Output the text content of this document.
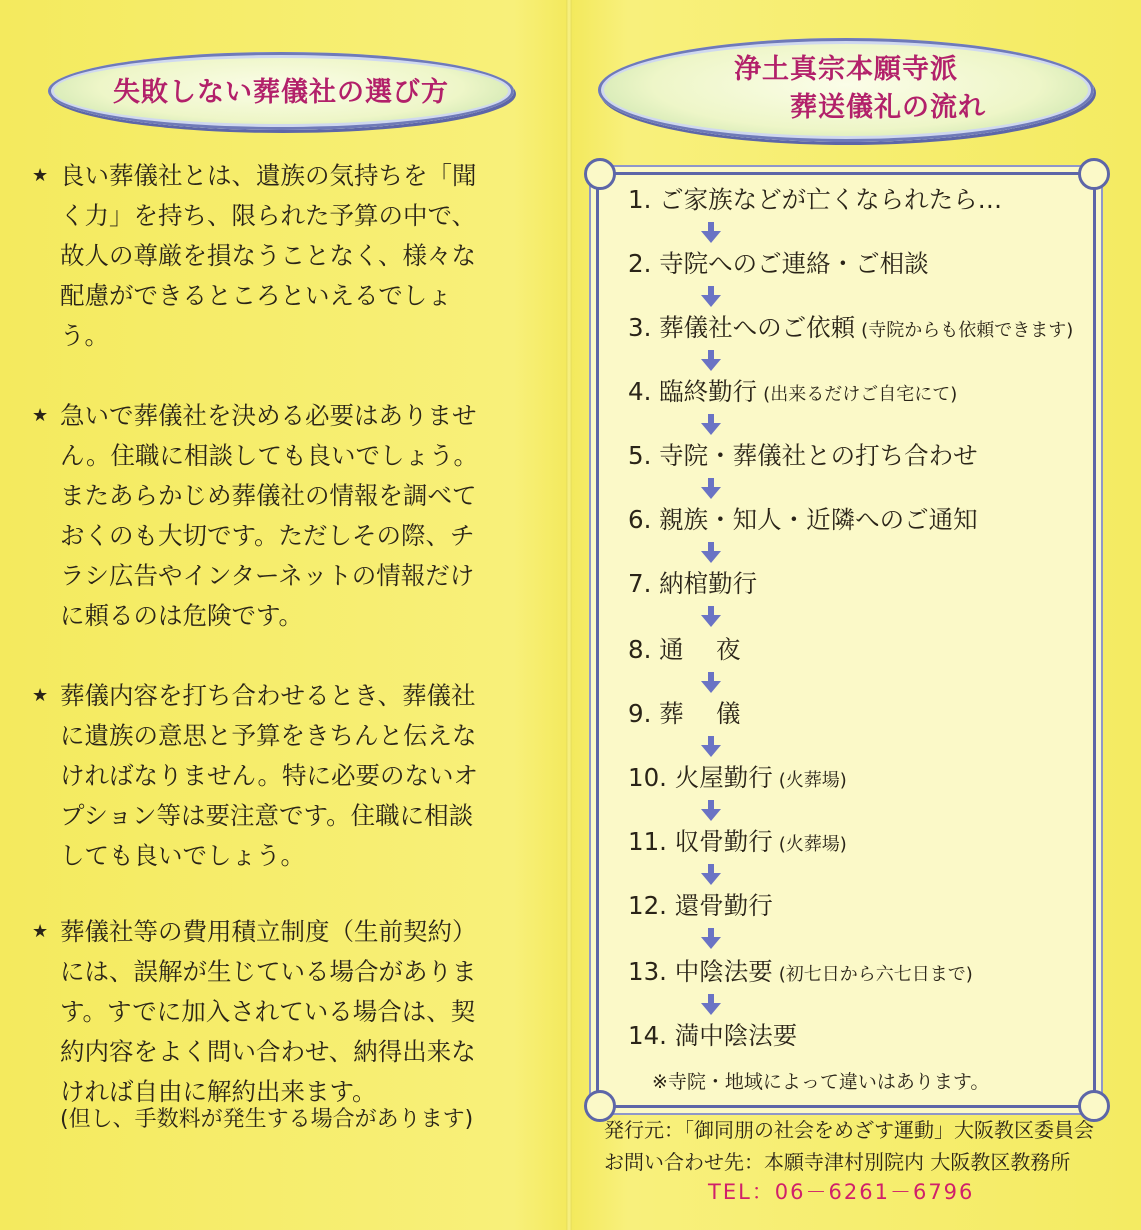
失敗しない葬儀社の選び方
★ 良い葬儀社とは、遺族の気持ちを「聞
く力」を持ち、限られた予算の中で、
故人の尊厳を損なうことなく、様々な
配慮ができるところといえるでしょ
う。
★ 急いで葬儀社を決める必要はありませ
ん。住職に相談しても良いでしょう。
またあらかじめ葬儀社の情報を調べて
おくのも大切です。ただしその際、チ
ラシ広告やインターネットの情報だけ
に頼るのは危険です。
★ 葬儀内容を打ち合わせるとき、葬儀社
に遺族の意思と予算をきちんと伝えな
ければなりません。特に必要のないオ
プション等は要注意です。住職に相談
しても良いでしょう。
★ 葬儀社等の費用積立制度（生前契約）
には、誤解が生じている場合がありま
す。すでに加入されている場合は、契
約内容をよく問い合わせ、納得出来な
ければ自由に解約出来ます。
(但し、手数料が発生する場合があります)
浄土真宗本願寺派
葬送儀礼の流れ
1. ご家族などが亡くなられたら…
2. 寺院へのご連絡・ご相談
3. 葬儀社へのご依頼 (寺院からも依頼できます)
4. 臨終勤行 (出来るだけご自宅にて)
5. 寺院・葬儀社との打ち合わせ
6. 親族・知人・近隣へのご通知
7. 納棺勤行
8. 通　 夜
9. 葬　 儀
10. 火屋勤行 (火葬場)
11. 収骨勤行 (火葬場)
12. 還骨勤行
13. 中陰法要 (初七日から六七日まで)
14. 満中陰法要
※寺院・地域によって違いはあります。
発行元：「御同朋の社会をめざす運動」大阪教区委員会
お問い合わせ先：本願寺津村別院内 大阪教区教務所
TEL：06－6261－6796
